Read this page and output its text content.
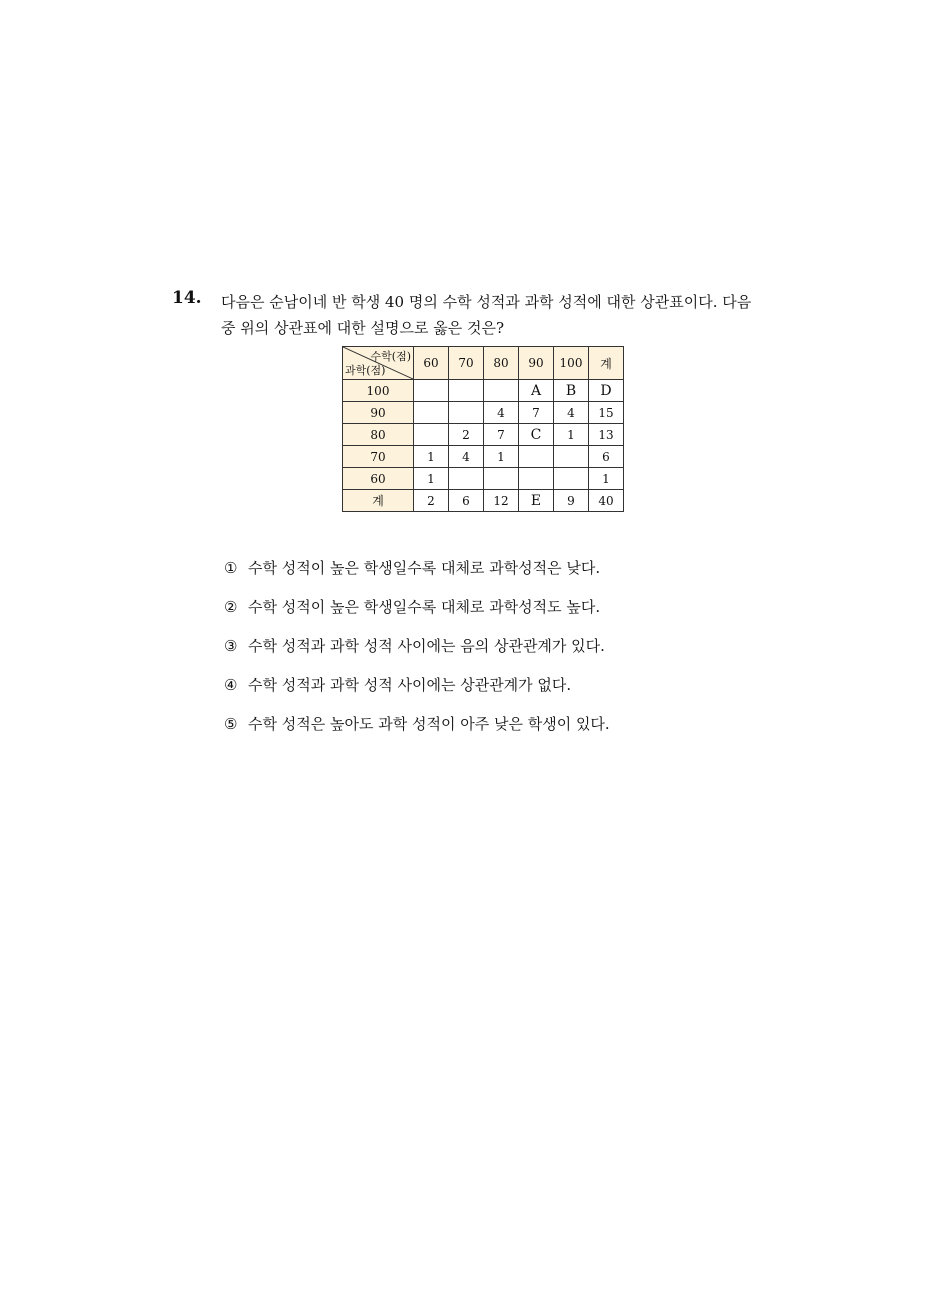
14. 다음은 순남이네 반 학생 40 명의 수학 성적과 과학 성적에 대한 상관표이다. 다음
중 위의 상관표에 대한 설명으로 옳은 것은?
수학(점)
과학(점)	60	70	80	90	100	계
100				A	B	D
90			4	7	4	15
80		2	7	C	1	13
70	1	4	1			6
60	1					1
계	2	6	12	E	9	40
① 수학 성적이 높은 학생일수록 대체로 과학성적은 낮다.
② 수학 성적이 높은 학생일수록 대체로 과학성적도 높다.
③ 수학 성적과 과학 성적 사이에는 음의 상관관계가 있다.
④ 수학 성적과 과학 성적 사이에는 상관관계가 없다.
⑤ 수학 성적은 높아도 과학 성적이 아주 낮은 학생이 있다.
